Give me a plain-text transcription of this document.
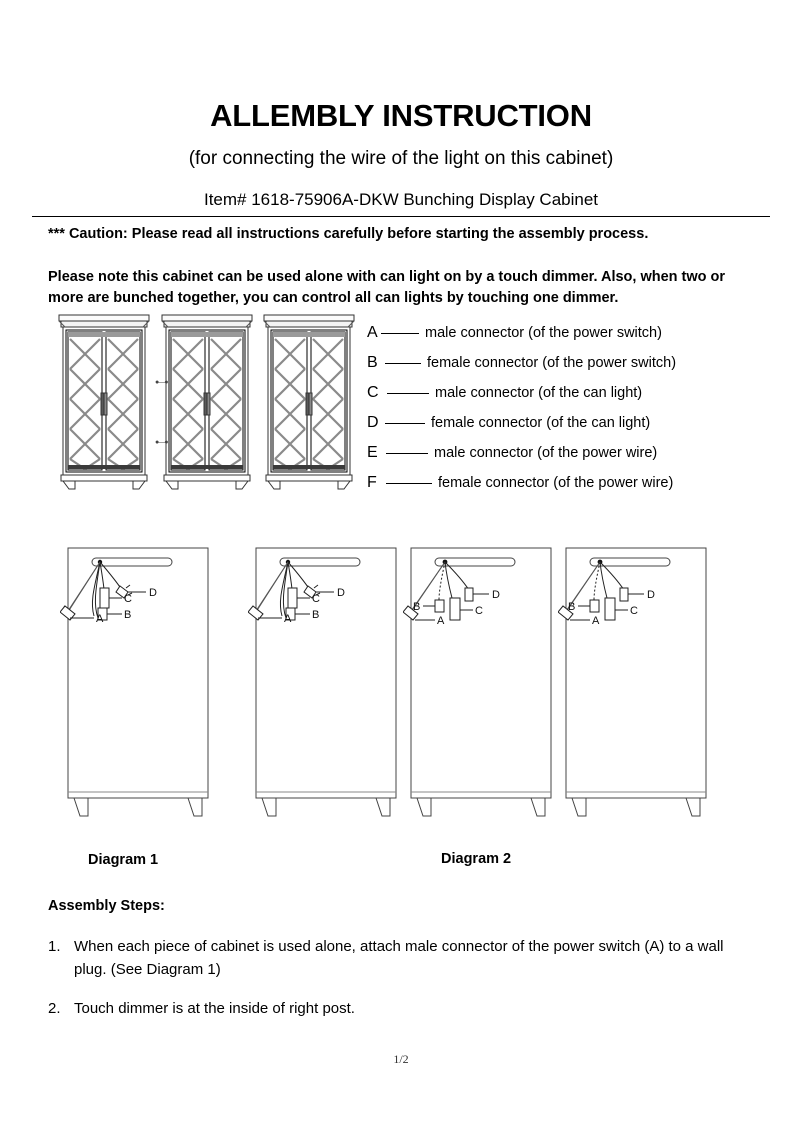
ALLEMBLY INSTRUCTION
(for connecting the wire of the light on this cabinet)
Item# 1618-75906A-DKW Bunching Display Cabinet
*** Caution: Please read all instructions carefully before starting the assembly process.
Please note this cabinet can be used alone with can light on by a touch dimmer. Also, when two or more are bunched together, you can control all can lights by touching one dimmer.
●—●
●—●
A	male connector (of the power switch)
B	female connector (of the power switch)
C	male connector (of the can light)
D	female connector (of the can light)
E	male connector (of the power wire)
F	female connector (of the power wire)
A B
C D
A B
C D
A
B	C
D
A
B	C
D
Diagram 1	Diagram 2
Assembly Steps:
1. When each piece of cabinet is used alone, attach male connector of the power switch (A) to a wall plug. (See Diagram 1)
2. Touch dimmer is at the inside of right post.
1/2
